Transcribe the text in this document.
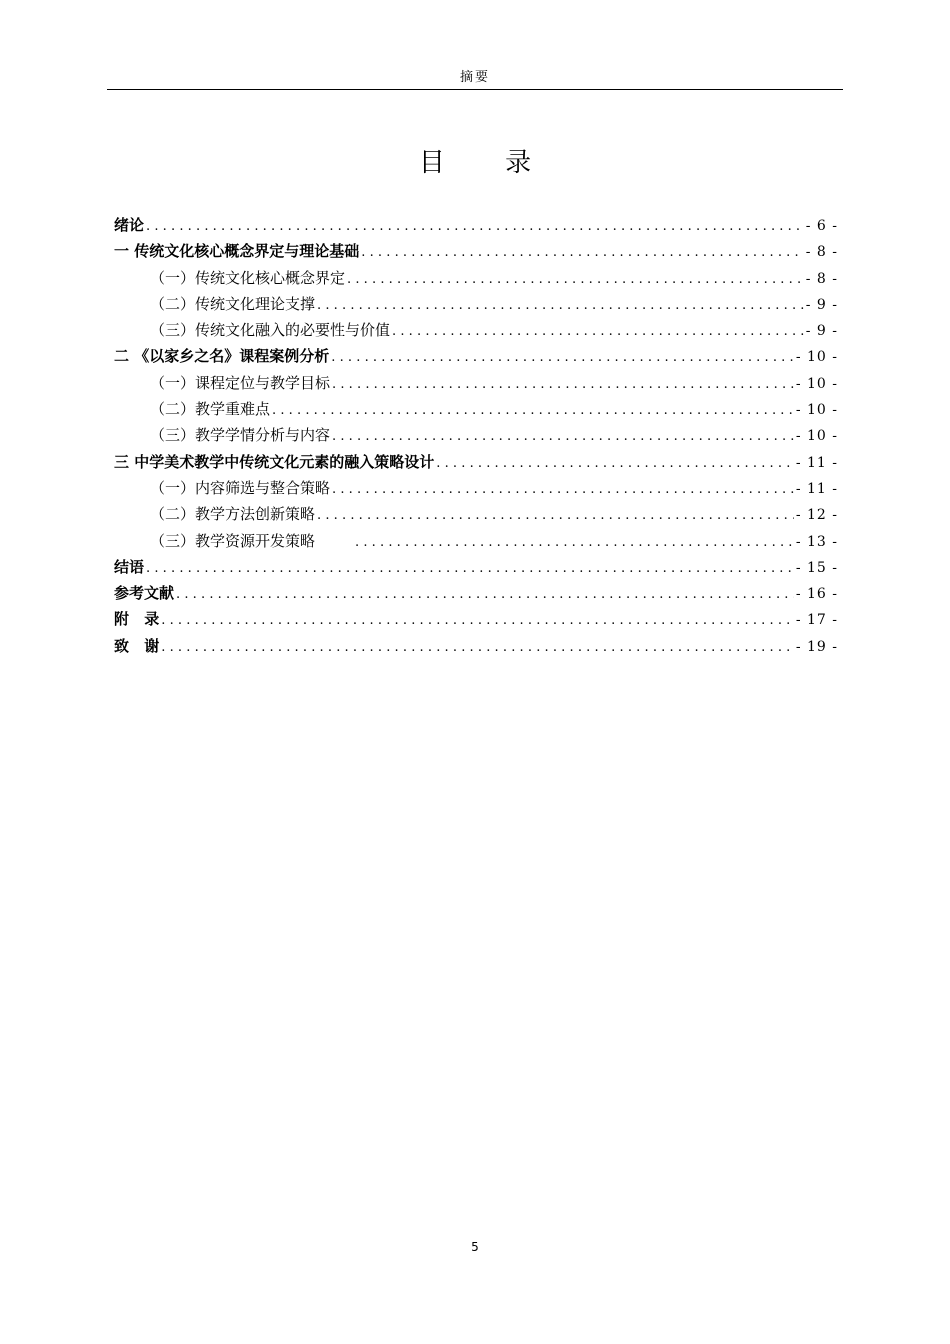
摘要
目 录
绪论 .....	- 6 -
一 传统文化核心概念界定与理论基础 .....	- 8 -
（一）传统文化核心概念界定 .....	- 8 -
（二）传统文化理论支撑 .....	- 9 -
（三）传统文化融入的必要性与价值 .....	- 9 -
二 《以家乡之名》课程案例分析 .....	- 10 -
（一）课程定位与教学目标 .....	- 10 -
（二）教学重难点 .....	- 10 -
（三）教学学情分析与内容 .....	- 10 -
三 中学美术教学中传统文化元素的融入策略设计 .....	- 11 -
（一）内容筛选与整合策略 .....	- 11 -
（二）教学方法创新策略 .....	- 12 -
（三）教学资源开发策略 .....	- 13 -
结语 .....	- 15 -
参考文献 .....	- 16 -
附 录 .....	- 17 -
致 谢 .....	- 19 -
5
